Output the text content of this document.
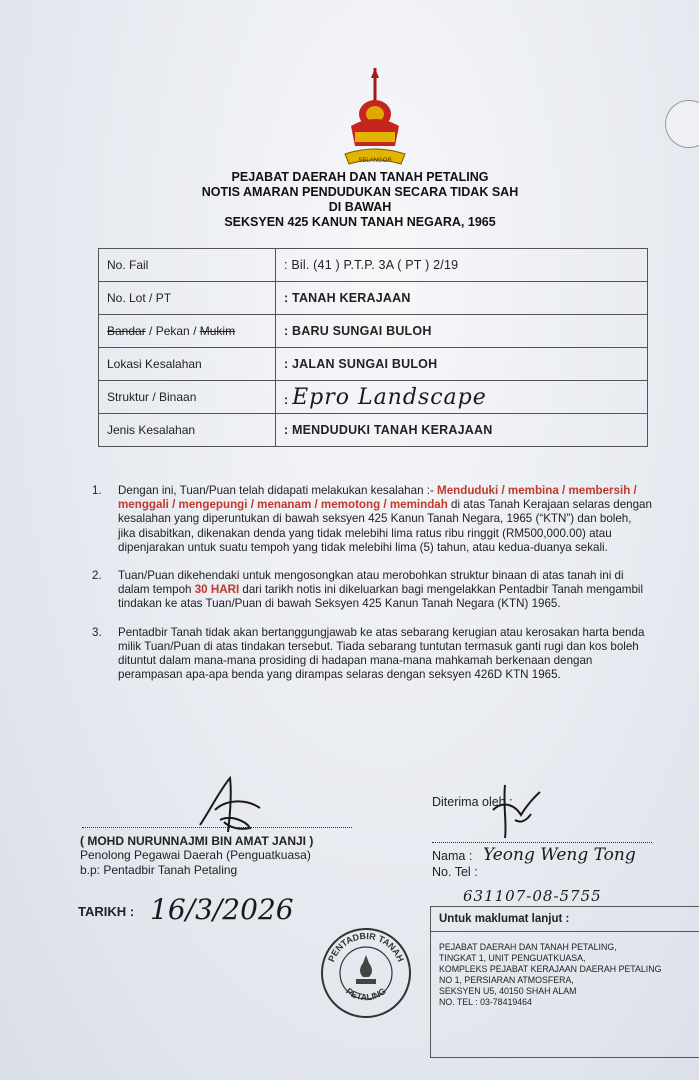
SELANGOR
PEJABAT DAERAH DAN TANAH PETALING
NOTIS AMARAN PENDUDUKAN SECARA TIDAK SAH
DI BAWAH
SEKSYEN 425 KANUN TANAH NEGARA, 1965
No. Fail	: Bil. (41 ) P.T.P. 3A ( PT ) 2/19
No. Lot / PT	: TANAH KERAJAAN
Bandar / Pekan / Mukim	: BARU SUNGAI BULOH
Lokasi Kesalahan	: JALAN SUNGAI BULOH
Struktur / Binaan	: Epro Landscape
Jenis Kesalahan	: MENDUDUKI TANAH KERAJAAN
1.	Dengan ini, Tuan/Puan telah didapati melakukan kesalahan :- Menduduki / membina / membersih / menggali / mengepungi / menanam / memotong / memindah di atas Tanah Kerajaan selaras dengan kesalahan yang diperuntukan di bawah seksyen 425 Kanun Tanah Negara, 1965 (“KTN”) dan boleh, jika disabitkan, dikenakan denda yang tidak melebihi lima ratus ribu ringgit (RM500,000.00) atau dipenjarakan untuk suatu tempoh yang tidak melebihi lima (5) tahun, atau kedua-duanya sekali.
2.	Tuan/Puan dikehendaki untuk mengosongkan atau merobohkan struktur binaan di atas tanah ini di dalam tempoh 30 HARI dari tarikh notis ini dikeluarkan bagi mengelakkan Pentadbir Tanah mengambil tindakan ke atas Tuan/Puan di bawah Seksyen 425 Kanun Tanah Negara (KTN) 1965.
3.	Pentadbir Tanah tidak akan bertanggungjawab ke atas sebarang kerugian atau kerosakan harta benda milik Tuan/Puan di atas tindakan tersebut. Tiada sebarang tuntutan termasuk ganti rugi dan kos boleh dituntut dalam mana-mana prosiding di hadapan mana-mana mahkamah berkenaan dengan perampasan apa-apa benda yang dirampas selaras dengan seksyen 426D KTN 1965.
( MOHD NURUNNAJMI BIN AMAT JANJI )
Penolong Pegawai Daerah (Penguatkuasa)
b.p: Pentadbir Tanah Petaling
TARIKH : 16/3/2026
Diterima oleh :
Nama :
No. Tel :
Yeong Weng Tong
631107-08-5755
Untuk maklumat lanjut :
PEJABAT DAERAH DAN TANAH PETALING,
TINGKAT 1, UNIT PENGUATKUASA,
KOMPLEKS PEJABAT KERAJAAN DAERAH PETALING
NO 1, PERSIARAN ATMOSFERA,
SEKSYEN U5, 40150 SHAH ALAM
NO. TEL : 03-78419464
PENTADBIR TANAH
PETALING
